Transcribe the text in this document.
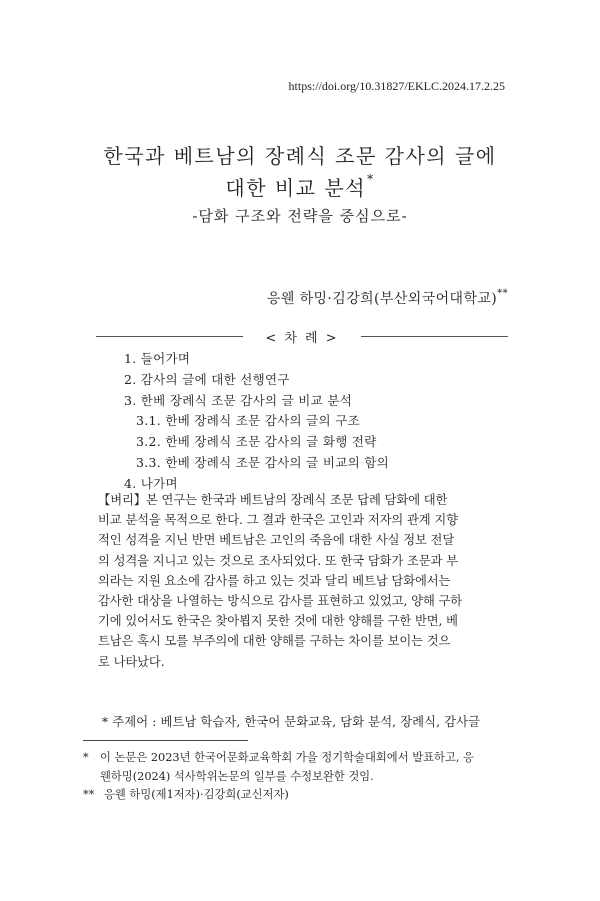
https://doi.org/10.31827/EKLC.2024.17.2.25
한국과 베트남의 장례식 조문 감사의 글에
대한 비교 분석*
-담화 구조와 전략을 중심으로-
응웬 하밍·김강희(부산외국어대학교)**
< 차 례 >
1. 들어가며
2. 감사의 글에 대한 선행연구
3. 한베 장례식 조문 감사의 글 비교 분석
3.1. 한베 장례식 조문 감사의 글의 구조
3.2. 한베 장례식 조문 감사의 글 화행 전략
3.3. 한베 장례식 조문 감사의 글 비교의 함의
4. 나가며
【벼리】본 연구는 한국과 베트남의 장례식 조문 답례 담화에 대한
비교 분석을 목적으로 한다. 그 결과 한국은 고인과 저자의 관계 지향
적인 성격을 지닌 반면 베트남은 고인의 죽음에 대한 사실 정보 전달
의 성격을 지니고 있는 것으로 조사되었다. 또 한국 담화가 조문과 부
의라는 지원 요소에 감사를 하고 있는 것과 달리 베트남 담화에서는
감사한 대상을 나열하는 방식으로 감사를 표현하고 있었고, 양해 구하
기에 있어서도 한국은 찾아뵙지 못한 것에 대한 양해를 구한 반면, 베
트남은 혹시 모를 부주의에 대한 양해를 구하는 차이를 보이는 것으
로 나타났다.
* 주제어 : 베트남 학습자, 한국어 문화교육, 담화 분석, 장례식, 감사글
*	이 논문은 2023년 한국어문화교육학회 가을 정기학술대회에서 발표하고, 응
웬하밍(2024) 석사학위논문의 일부를 수정보완한 것임.
** 응웬 하밍(제1저자)·김강희(교신저자)
